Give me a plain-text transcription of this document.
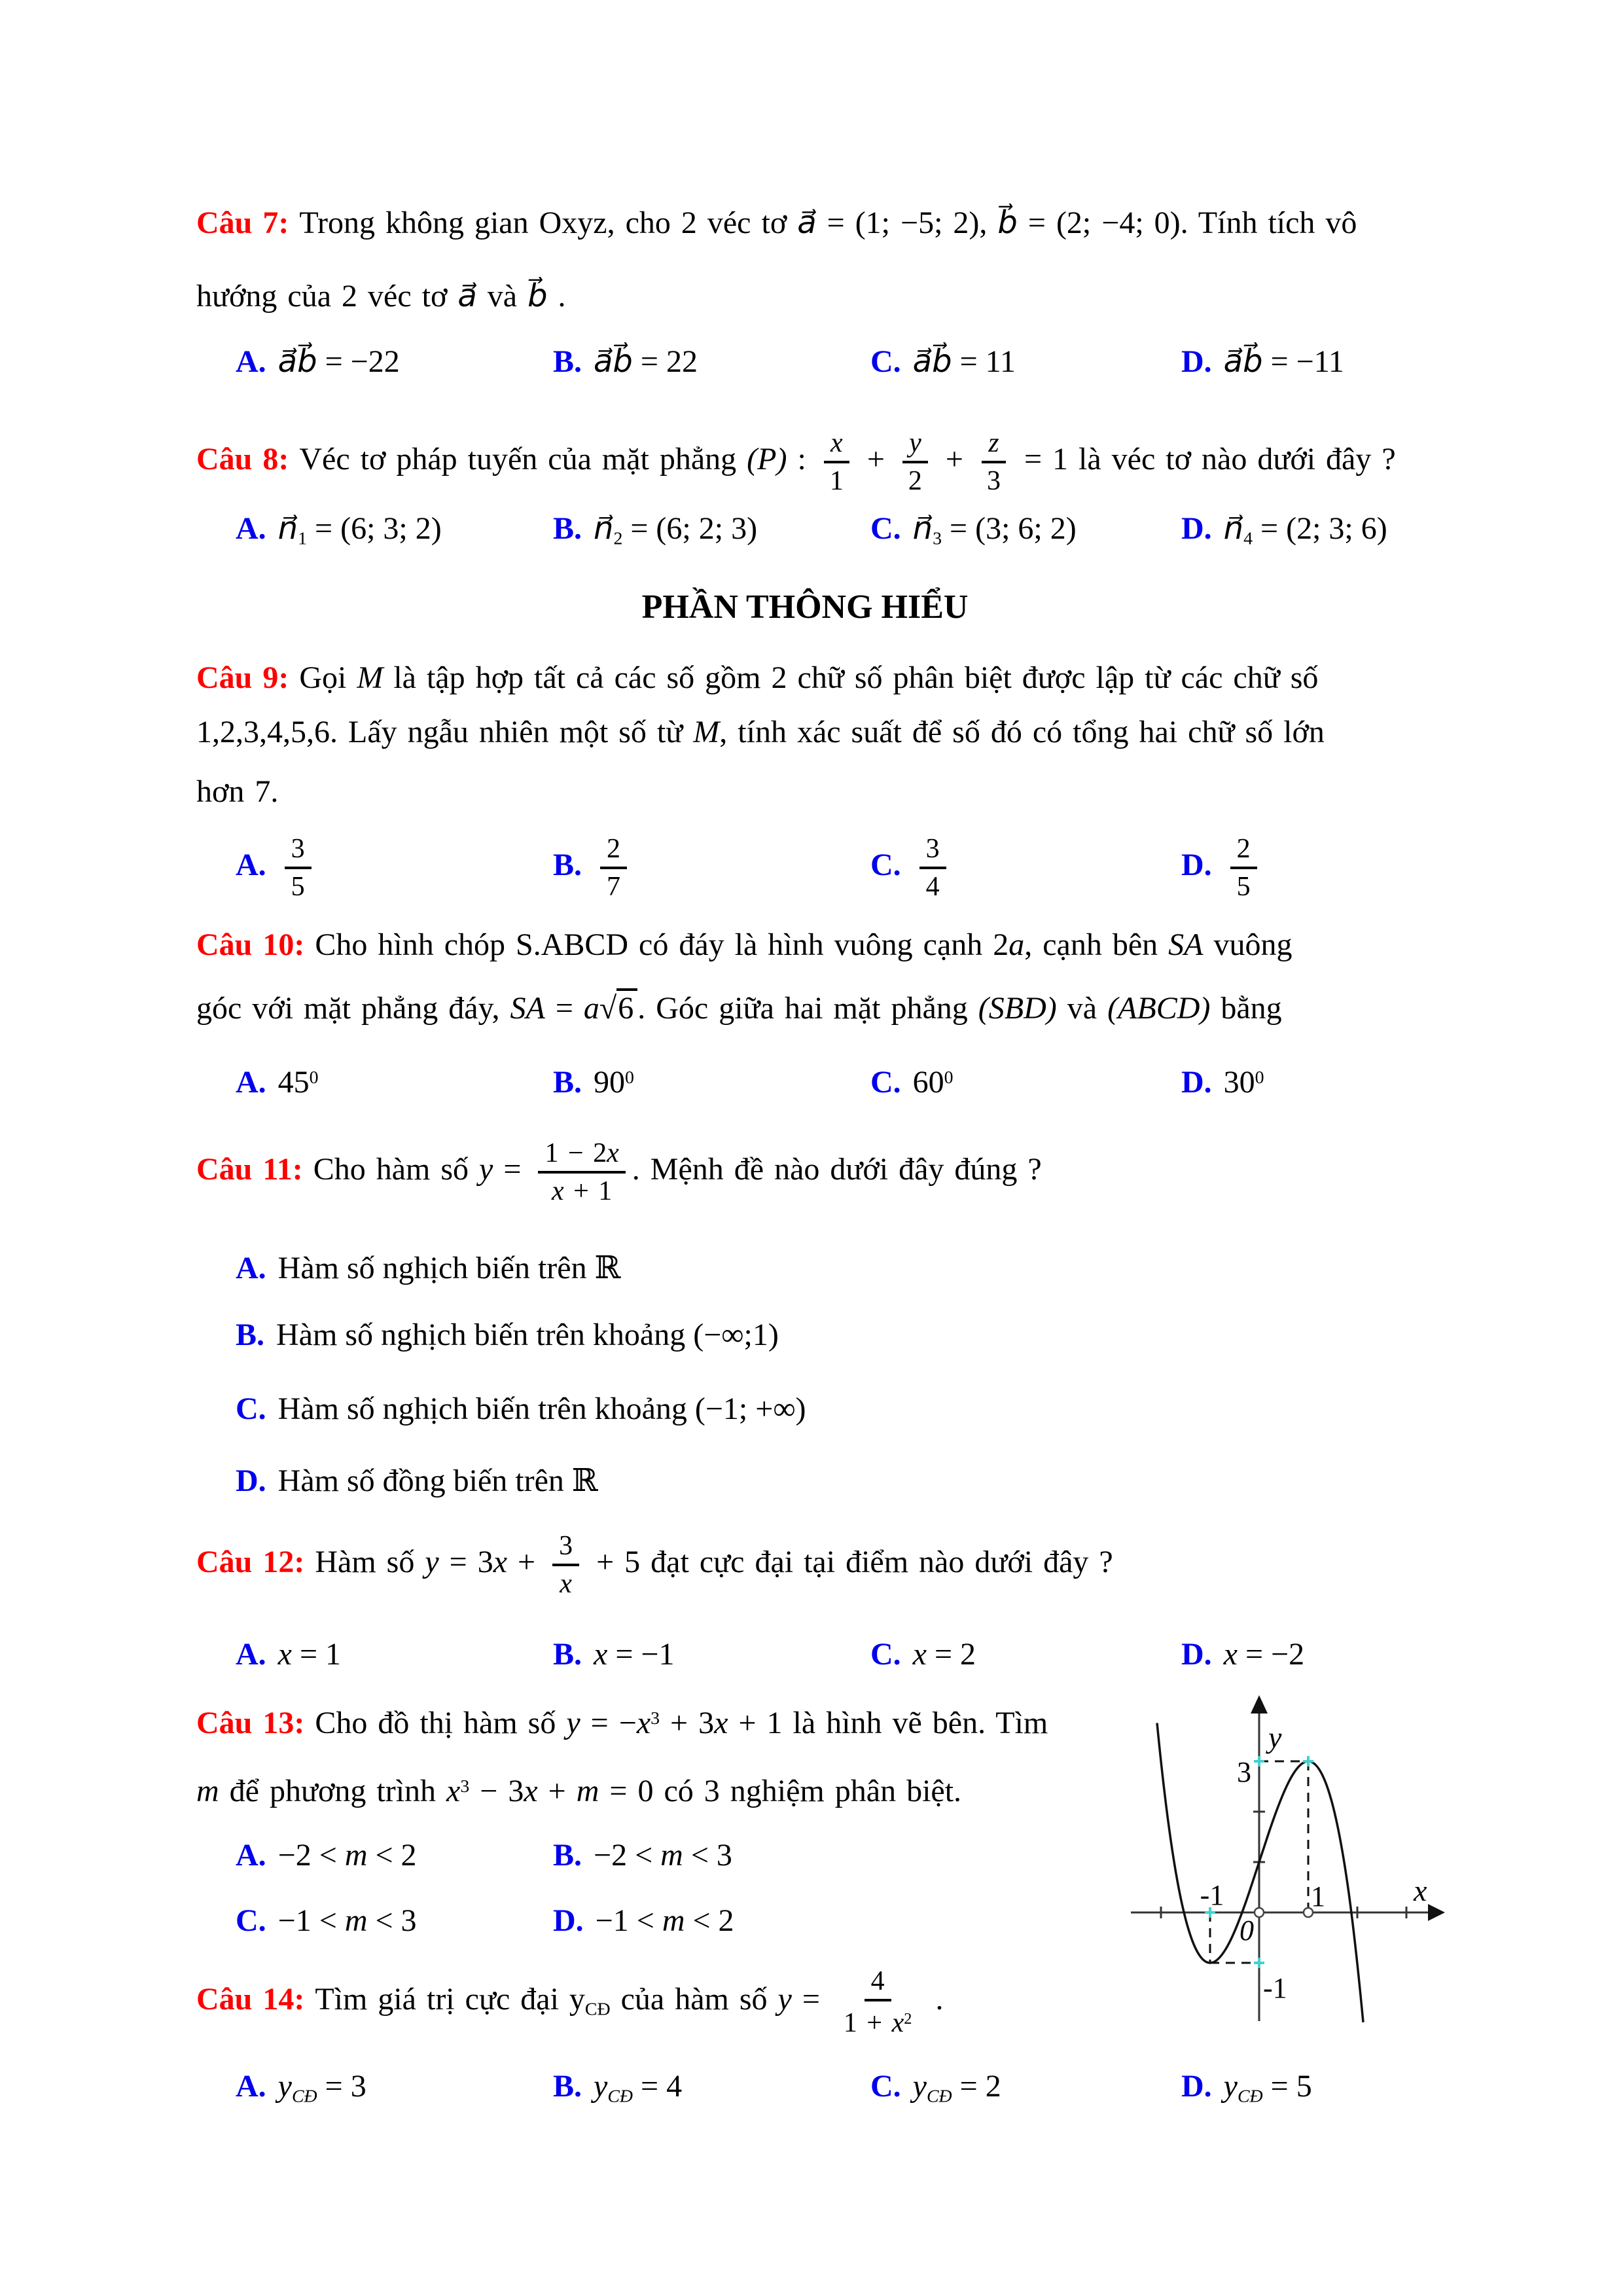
Câu 7: Trong không gian Oxyz, cho 2 véc tơ a⃗ = (1; −5; 2), b⃗ = (2; −4; 0). Tính tích vô
hướng của 2 véc tơ a⃗ và b⃗ .
A. a⃗b⃗ = −22	B. a⃗b⃗ = 22	C. a⃗b⃗ = 11	D. a⃗b⃗ = −11
Câu 8: Véc tơ pháp tuyến của mặt phẳng (P) : $\frac{x}{1} + \frac{y}{2} + \frac{z}{3} = 1$ là véc tơ nào dưới đây ?
A. $n⃗_1 = (6$; 3; 2)	B. $n⃗_2 = (6$; 2; 3)	C. $n⃗_3 = (3$; 6; 2)	D. $n⃗_4 = (2$; 3; 6)
PHẦN THÔNG HIỂU
Câu 9: Gọi M là tập hợp tất cả các số gồm 2 chữ số phân biệt được lập từ các chữ số
1,2,3,4,5,6. Lấy ngẫu nhiên một số từ M, tính xác suất để số đó có tổng hai chữ số lớn
hơn 7.
A. $\frac{3}{5}$	B. $\frac{2}{7}$	C. $\frac{3}{4}$	D. $\frac{2}{5}$
Câu 10: Cho hình chóp S.ABCD có đáy là hình vuông cạnh 2a, cạnh bên SA vuông
góc với mặt phẳng đáy, SA = a√6 . Góc giữa hai mặt phẳng (SBD) và (ABCD) bằng
A. $45^0$	B. $90^0$	C. $60^0$	D. $30^0$
Câu 11: Cho hàm số $y = \frac{1 - 2x}{x + 1}$ . Mệnh đề nào dưới đây đúng ?
A. Hàm số nghịch biến trên ℝ
B. Hàm số nghịch biến trên khoảng (−∞;1)
C. Hàm số nghịch biến trên khoảng (−1; +∞)
D. Hàm số đồng biến trên ℝ
Câu 12: Hàm số $y = 3x + \frac{3}{x} + 5$ đạt cực đại tại điểm nào dưới đây ?
A. x = 1	B. x = −1	C. x = 2	D. x = −2
Câu 13: Cho đồ thị hàm số $y = -x^3 + 3x + 1$ là hình vẽ bên. Tìm
m để phương trình $x^3 - 3x + m = 0$ có 3 nghiệm phân biệt.
A. −2 < m < 2	B. −2 < m < 3
C. −1 < m < 3	D. −1 < m < 2
3
-1
-1	1
0
x
y
Câu 14: Tìm giá trị cực đại $y_{CĐ}$ của hàm số $y = \frac{4}{1 + x^2}$ .
A. $y_{CĐ} = 3$	B. $y_{CĐ} = 4$	C. $y_{CĐ} = 2$	D. $y_{CĐ} = 5$
